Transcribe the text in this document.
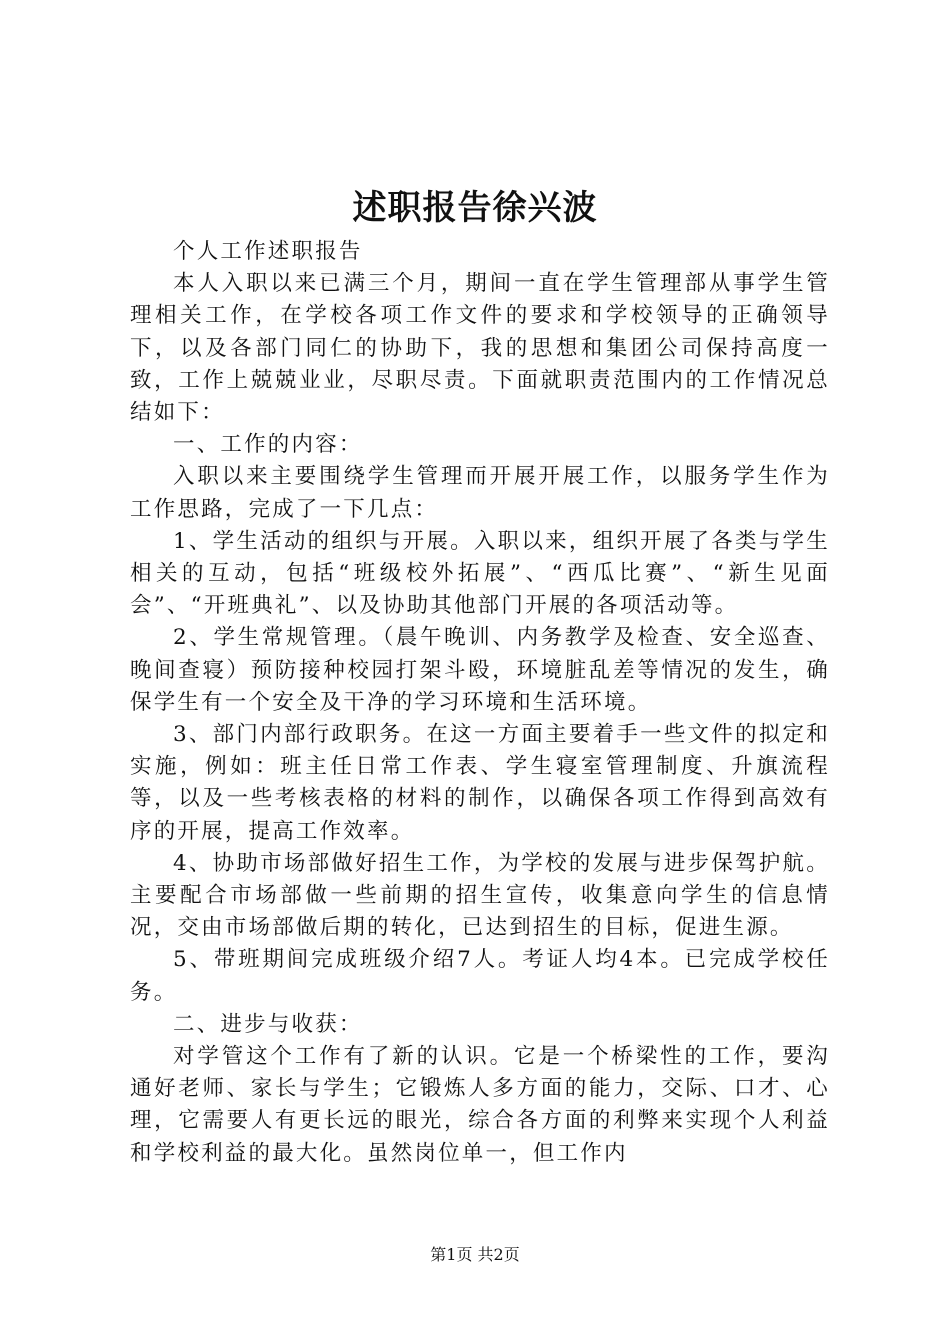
述职报告徐兴波

个人工作述职报告

本人入职以来已满三个月，期间一直在学生管理部从事学生管理相关工作，在学校各项工作文件的要求和学校领导的正确领导下，以及各部门同仁的协助下，我的思想和集团公司保持高度一致，工作上兢兢业业，尽职尽责。下面就职责范围内的工作情况总结如下：

一、工作的内容：

入职以来主要围绕学生管理而开展开展工作，以服务学生作为工作思路，完成了一下几点：

1、学生活动的组织与开展。入职以来，组织开展了各类与学生相关的互动，包括“班级校外拓展”、“西瓜比赛”、“新生见面会”、“开班典礼”、以及协助其他部门开展的各项活动等。

2、学生常规管理。（晨午晚训、内务教学及检查、安全巡查、晚间查寝）预防接种校园打架斗殴，环境脏乱差等情况的发生，确保学生有一个安全及干净的学习环境和生活环境。

3、部门内部行政职务。在这一方面主要着手一些文件的拟定和实施，例如：班主任日常工作表、学生寝室管理制度、升旗流程等，以及一些考核表格的材料的制作，以确保各项工作得到高效有序的开展，提高工作效率。

4、协助市场部做好招生工作，为学校的发展与进步保驾护航。主要配合市场部做一些前期的招生宣传，收集意向学生的信息情况，交由市场部做后期的转化，已达到招生的目标，促进生源。

5、带班期间完成班级介绍7人。考证人均4本。已完成学校任务。

二、进步与收获：

对学管这个工作有了新的认识。它是一个桥梁性的工作，要沟通好老师、家长与学生；它锻炼人多方面的能力，交际、口才、心理，它需要人有更长远的眼光，综合各方面的利弊来实现个人利益和学校利益的最大化。虽然岗位单一，但工作内

第1页 共2页
